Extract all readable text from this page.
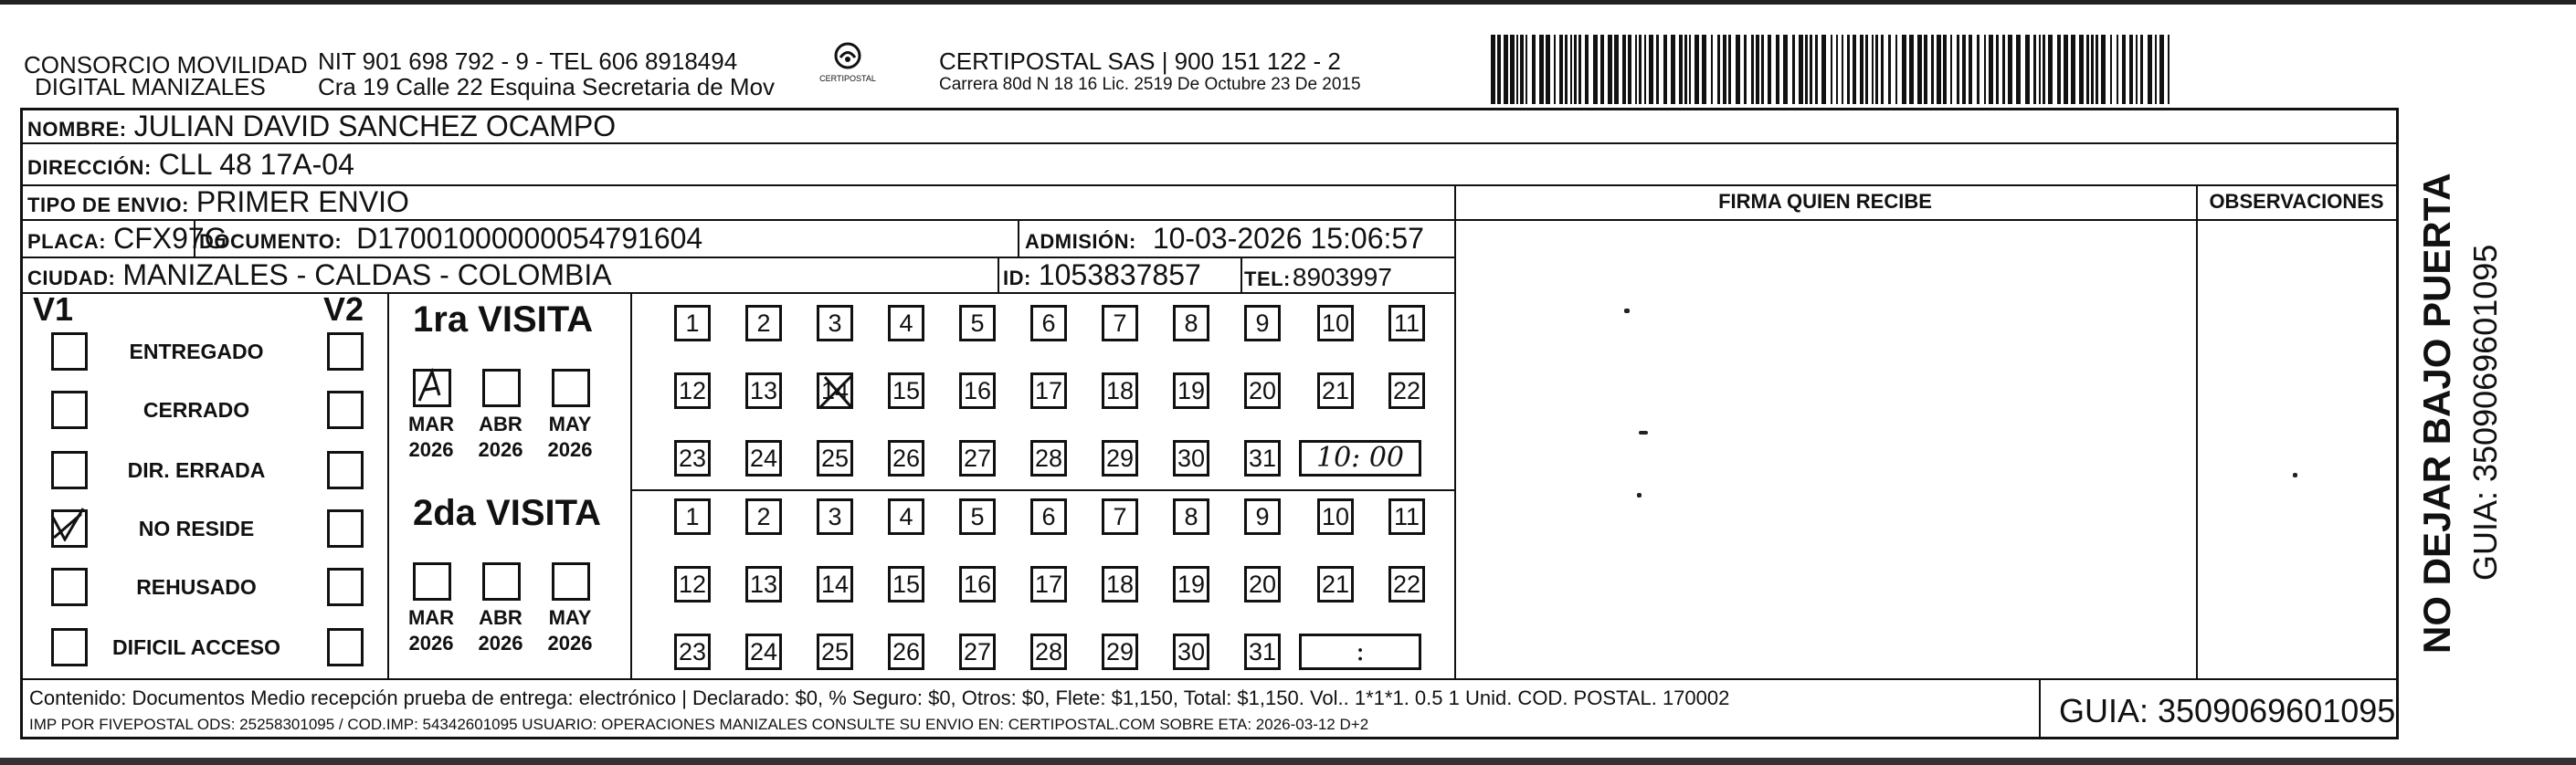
CONSORCIO MOVILIDAD
DIGITAL MANIZALES
NIT 901 698 792 - 9 - TEL 606 8918494
Cra 19 Calle 22 Esquina Secretaria de Mov	CERTIPOSTAL
CERTIPOSTAL SAS | 900 151 122 - 2
Carrera 80d N 18 16 Lic. 2519 De Octubre 23 De 2015
NOMBRE: JULIAN DAVID SANCHEZ OCAMPO
DIRECCIÓN: CLL 48 17A-04
TIPO DE ENVIO: PRIMER ENVIO
PLACA: CFX97G
DOCUMENTO: D17001000000054791604	ADMISIÓN: 10-03-2026 15:06:57
CIUDAD: MANIZALES - CALDAS - COLOMBIA	ID: 1053837857 TEL: 8903997
FIRMA QUIEN RECIBE	OBSERVACIONES
V1	V2 1ra VISITA
2da VISITA
Contenido: Documentos Medio recepción prueba de entrega: electrónico | Declarado: $0, % Seguro: $0, Otros: $0, Flete: $1,150, Total: $1,150. Vol.. 1*1*1. 0.5 1 Unid. COD. POSTAL. 170002
IMP POR FIVEPOSTAL ODS: 25258301095 / COD.IMP: 54342601095 USUARIO: OPERACIONES MANIZALES CONSULTE SU ENVIO EN: CERTIPOSTAL.COM SOBRE ETA: 2026-03-12 D+2	GUIA: 3509069601095
NO DEJAR BAJO PUERTA GUIA: 3509069601095
ENTREGADO
CERRADO
DIR. ERRADA
NO RESIDE
REHUSADO
DIFICIL ACCESO
MAR
2026
ABR
2026
MAY
2026
1	2	3	4	5	6	7	8	9	10 11
12 13 14 15 16 17 18 19 20 21 22
23 24 25 26 27 28 29 30 31	10: 00
MAR
2026
ABR
2026
MAY
2026
1	2	3	4	5	6	7	8	9	10 11
12 13 14 15 16 17 18 19 20 21 22
23 24 25 26 27 28 29 30 31	:
